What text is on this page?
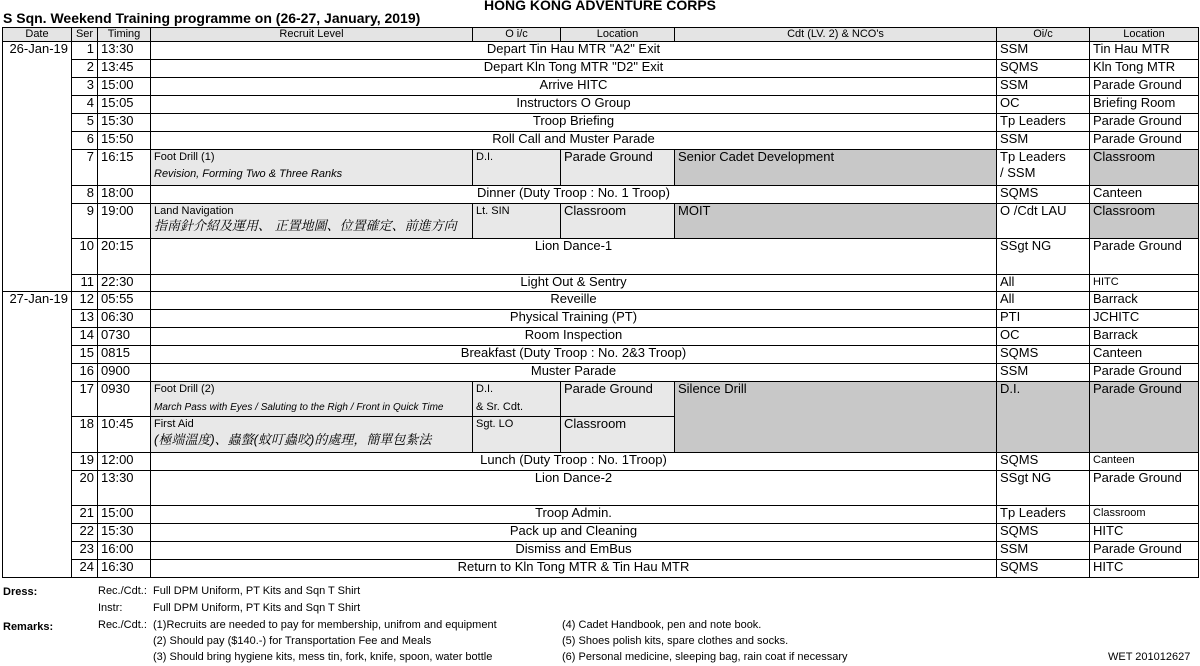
HONG KONG ADVENTURE CORPS
S Sqn. Weekend Training programme on (26-27, January, 2019)
Date	Ser	Timing	Recruit Level	O i/c	Location	Cdt (LV. 2) & NCO's	Oi/c	Location
26-Jan-19	1	13:30	Depart Tin Hau MTR "A2" Exit				SSM	Tin Hau MTR
	2	13:45	Depart Kln Tong MTR "D2" Exit				SQMS	Kln Tong MTR
	3	15:00	Arrive HITC				SSM	Parade Ground
	4	15:05	Instructors O Group				OC	Briefing Room
	5	15:30	Troop Briefing				Tp Leaders	Parade Ground
	6	15:50	Roll Call and Muster Parade				SSM	Parade Ground
	7	16:15	Foot Drill (1)
Revision, Forming Two & Three Ranks	D.I.	Parade Ground	Senior Cadet Development	Tp Leaders
/ SSM	Classroom
	8	18:00	Dinner (Duty Troop : No. 1 Troop)				SQMS	Canteen
	9	19:00	Land Navigation
指南針介紹及運用、 正置地圖、位置確定、前進方向	Lt. SIN	Classroom	MOIT	O /Cdt LAU	Classroom
	10	20:15	Lion Dance-1				SSgt NG	Parade Ground
	11	22:30	Light Out & Sentry				All	HITC
27-Jan-19	12	05:55	Reveille				All	Barrack
	13	06:30	Physical Training (PT)				PTI	JCHITC
	14	0730	Room Inspection				OC	Barrack
	15	0815	Breakfast (Duty Troop : No. 2&3 Troop)				SQMS	Canteen
	16	0900	Muster Parade				SSM	Parade Ground
	17	0930	Foot Drill (2)
March Pass with Eyes / Saluting to the Righ / Front in Quick Time	D.I.
& Sr. Cdt.	Parade Ground	Silence Drill	D.I.	Parade Ground
	18	10:45	First Aid
(極端溫度)、蟲螫(蚊叮蟲咬)的處理，簡單包紮法	Sgt. LO	Classroom			
	19	12:00	Lunch (Duty Troop : No. 1Troop)				SQMS	Canteen
	20	13:30	Lion Dance-2				SSgt NG	Parade Ground
	21	15:00	Troop Admin.				Tp Leaders	Classroom
	22	15:30	Pack up and Cleaning				SQMS	HITC
	23	16:00	Dismiss and EmBus				SSM	Parade Ground
	24	16:30	Return to Kln Tong MTR & Tin Hau MTR				SQMS	HITC
Dress:	Rec./Cdt.: Full DPM Uniform, PT Kits and Sqn T Shirt
Instr:	Full DPM Uniform, PT Kits and Sqn T Shirt
Remarks:	Rec./Cdt.: (1)Recruits are needed to pay for membership, unifrom and equipment
(2) Should pay ($140.-) for Transportation Fee and Meals
(3) Should bring hygiene kits, mess tin, fork, knife, spoon, water bottle
(4) Cadet Handbook, pen and note book.
(5) Shoes polish kits, spare clothes and socks.
(6) Personal medicine, sleeping bag, rain coat if necessary	WET 201012627
